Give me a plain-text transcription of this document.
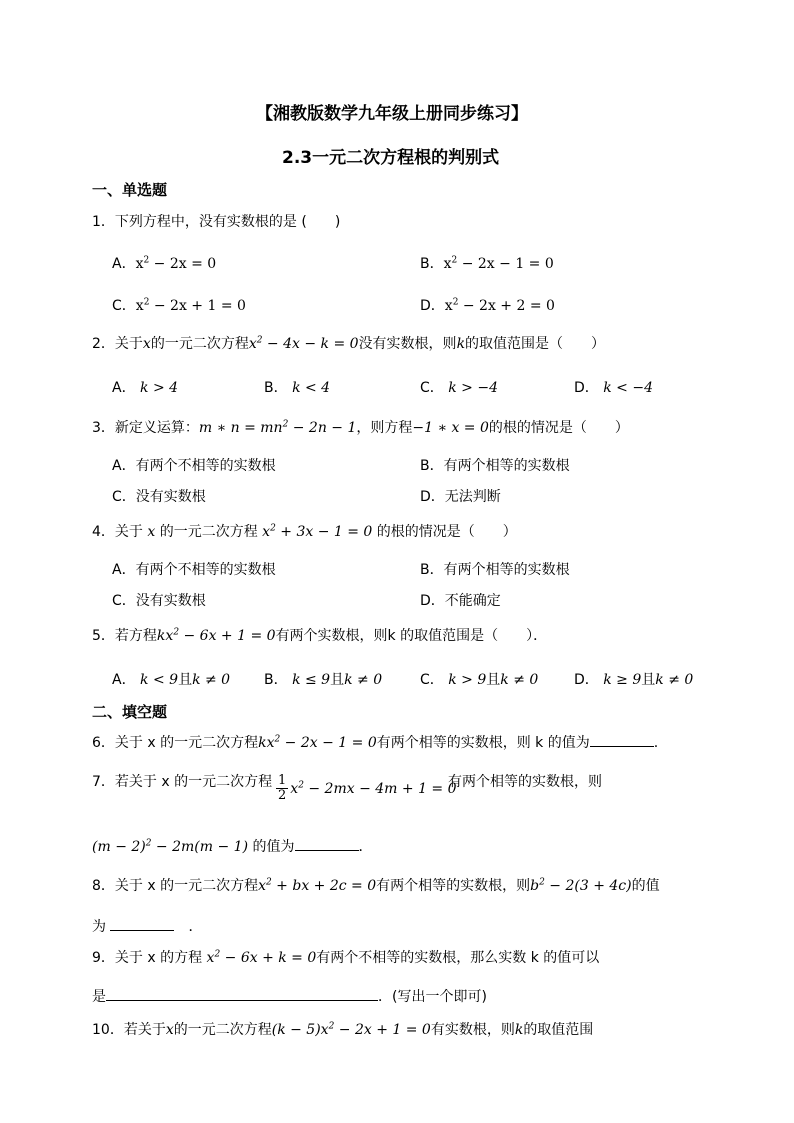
【湘教版数学九年级上册同步练习】
2.3一元二次方程根的判别式
一、单选题
1．下列方程中，没有实数根的是 (　　)
A．$x^2 - 2x = 0$	B．$x^2 - 2x - 1 = 0$
C．$x^2 - 2x + 1 = 0$	D．$x^2 - 2x + 2 = 0$
2．关于x的一元二次方程$x^2 - 4x - k = 0$没有实数根，则k的取值范围是（　　）
A． k > 4	B． k < 4	C． k > −4	D． k < −4
3．新定义运算：m ∗ $n = mn^2 - 2n - 1$，则方程−1 ∗ x = 0的根的情况是（　　）
A．有两个不相等的实数根	B．有两个相等的实数根
C．没有实数根	D．无法判断
4．关于 x 的一元二次方程 $x^2 + 3x - 1 = 0$ 的根的情况是（　　）
A．有两个不相等的实数根	B．有两个相等的实数根
C．没有实数根	D．不能确定
5．若方程$kx^2 - 6x + 1 = 0$有两个实数根，则k 的取值范围是（　　）．
A． k < 9且k ≠ 0 B． k ≤ 9且k ≠ 0	C． k > 9且k ≠ 0	D． k ≥ 9且k ≠ 0
二、填空题
6．关于 x 的一元二次方程$kx^2 - 2x - 1 = 0$有两个相等的实数根，则 k 的值为	.
7．若关于 x 的一元二次方程 $\frac{1}{2} x^2 - 2mx - 4m + 1 = 0$
有两个相等的实数根，则
$(m - 2)^2 - 2m(m - 1)$ 的值为	．
8．关于 x 的一元二次方程$x^2$ + bx + 2c = 0有两个相等的实数根，则$b^2 - 2(3 + 4c)$的值
为 　	．
9．关于 x 的方程 $x^2 - 6x + k = 0$有两个不相等的实数根，那么实数 k 的值可以
是	．(写出一个即可)
10．若关于x的一元二次方程$(k - 5)x^2 - 2x + 1 = 0$有实数根，则k的取值范围
